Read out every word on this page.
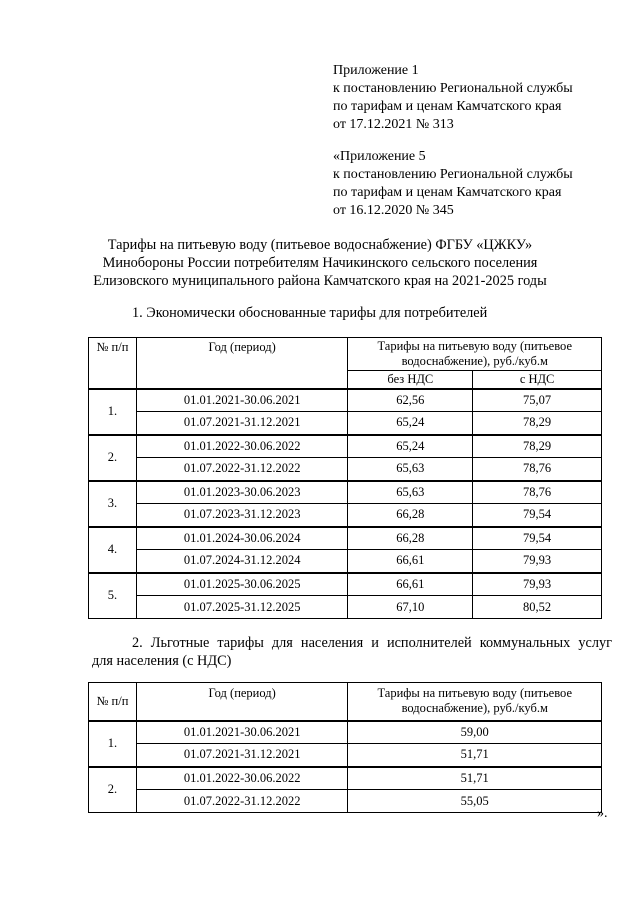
Приложение 1
к постановлению Региональной службы
по тарифам и ценам Камчатского края
от 17.12.2021 № 313
«Приложение 5
к постановлению Региональной службы
по тарифам и ценам Камчатского края
от 16.12.2020 № 345
Тарифы на питьевую воду (питьевое водоснабжение) ФГБУ «ЦЖКУ»
Минобороны России потребителям Начикинского сельского поселения
Елизовского муниципального района Камчатского края на 2021-2025 годы
1. Экономически обоснованные тарифы для потребителей
№ п/п	Год (период)	Тарифы на питьевую воду (питьевое водоснабжение), руб./куб.м	
		без НДС	с НДС
1.	01.01.2021-30.06.2021	62,56	75,07
	01.07.2021-31.12.2021	65,24	78,29
2.	01.01.2022-30.06.2022	65,24	78,29
	01.07.2022-31.12.2022	65,63	78,76
3.	01.01.2023-30.06.2023	65,63	78,76
	01.07.2023-31.12.2023	66,28	79,54
4.	01.01.2024-30.06.2024	66,28	79,54
	01.07.2024-31.12.2024	66,61	79,93
5.	01.01.2025-30.06.2025	66,61	79,93
	01.07.2025-31.12.2025	67,10	80,52
2. Льготные тарифы для населения и исполнителей коммунальных услуг
для населения (с НДС)
№ п/п	Год (период)	Тарифы на питьевую воду (питьевое водоснабжение), руб./куб.м
1.	01.01.2021-30.06.2021	59,00
	01.07.2021-31.12.2021	51,71
2.	01.01.2022-30.06.2022	51,71
	01.07.2022-31.12.2022	55,05
».
